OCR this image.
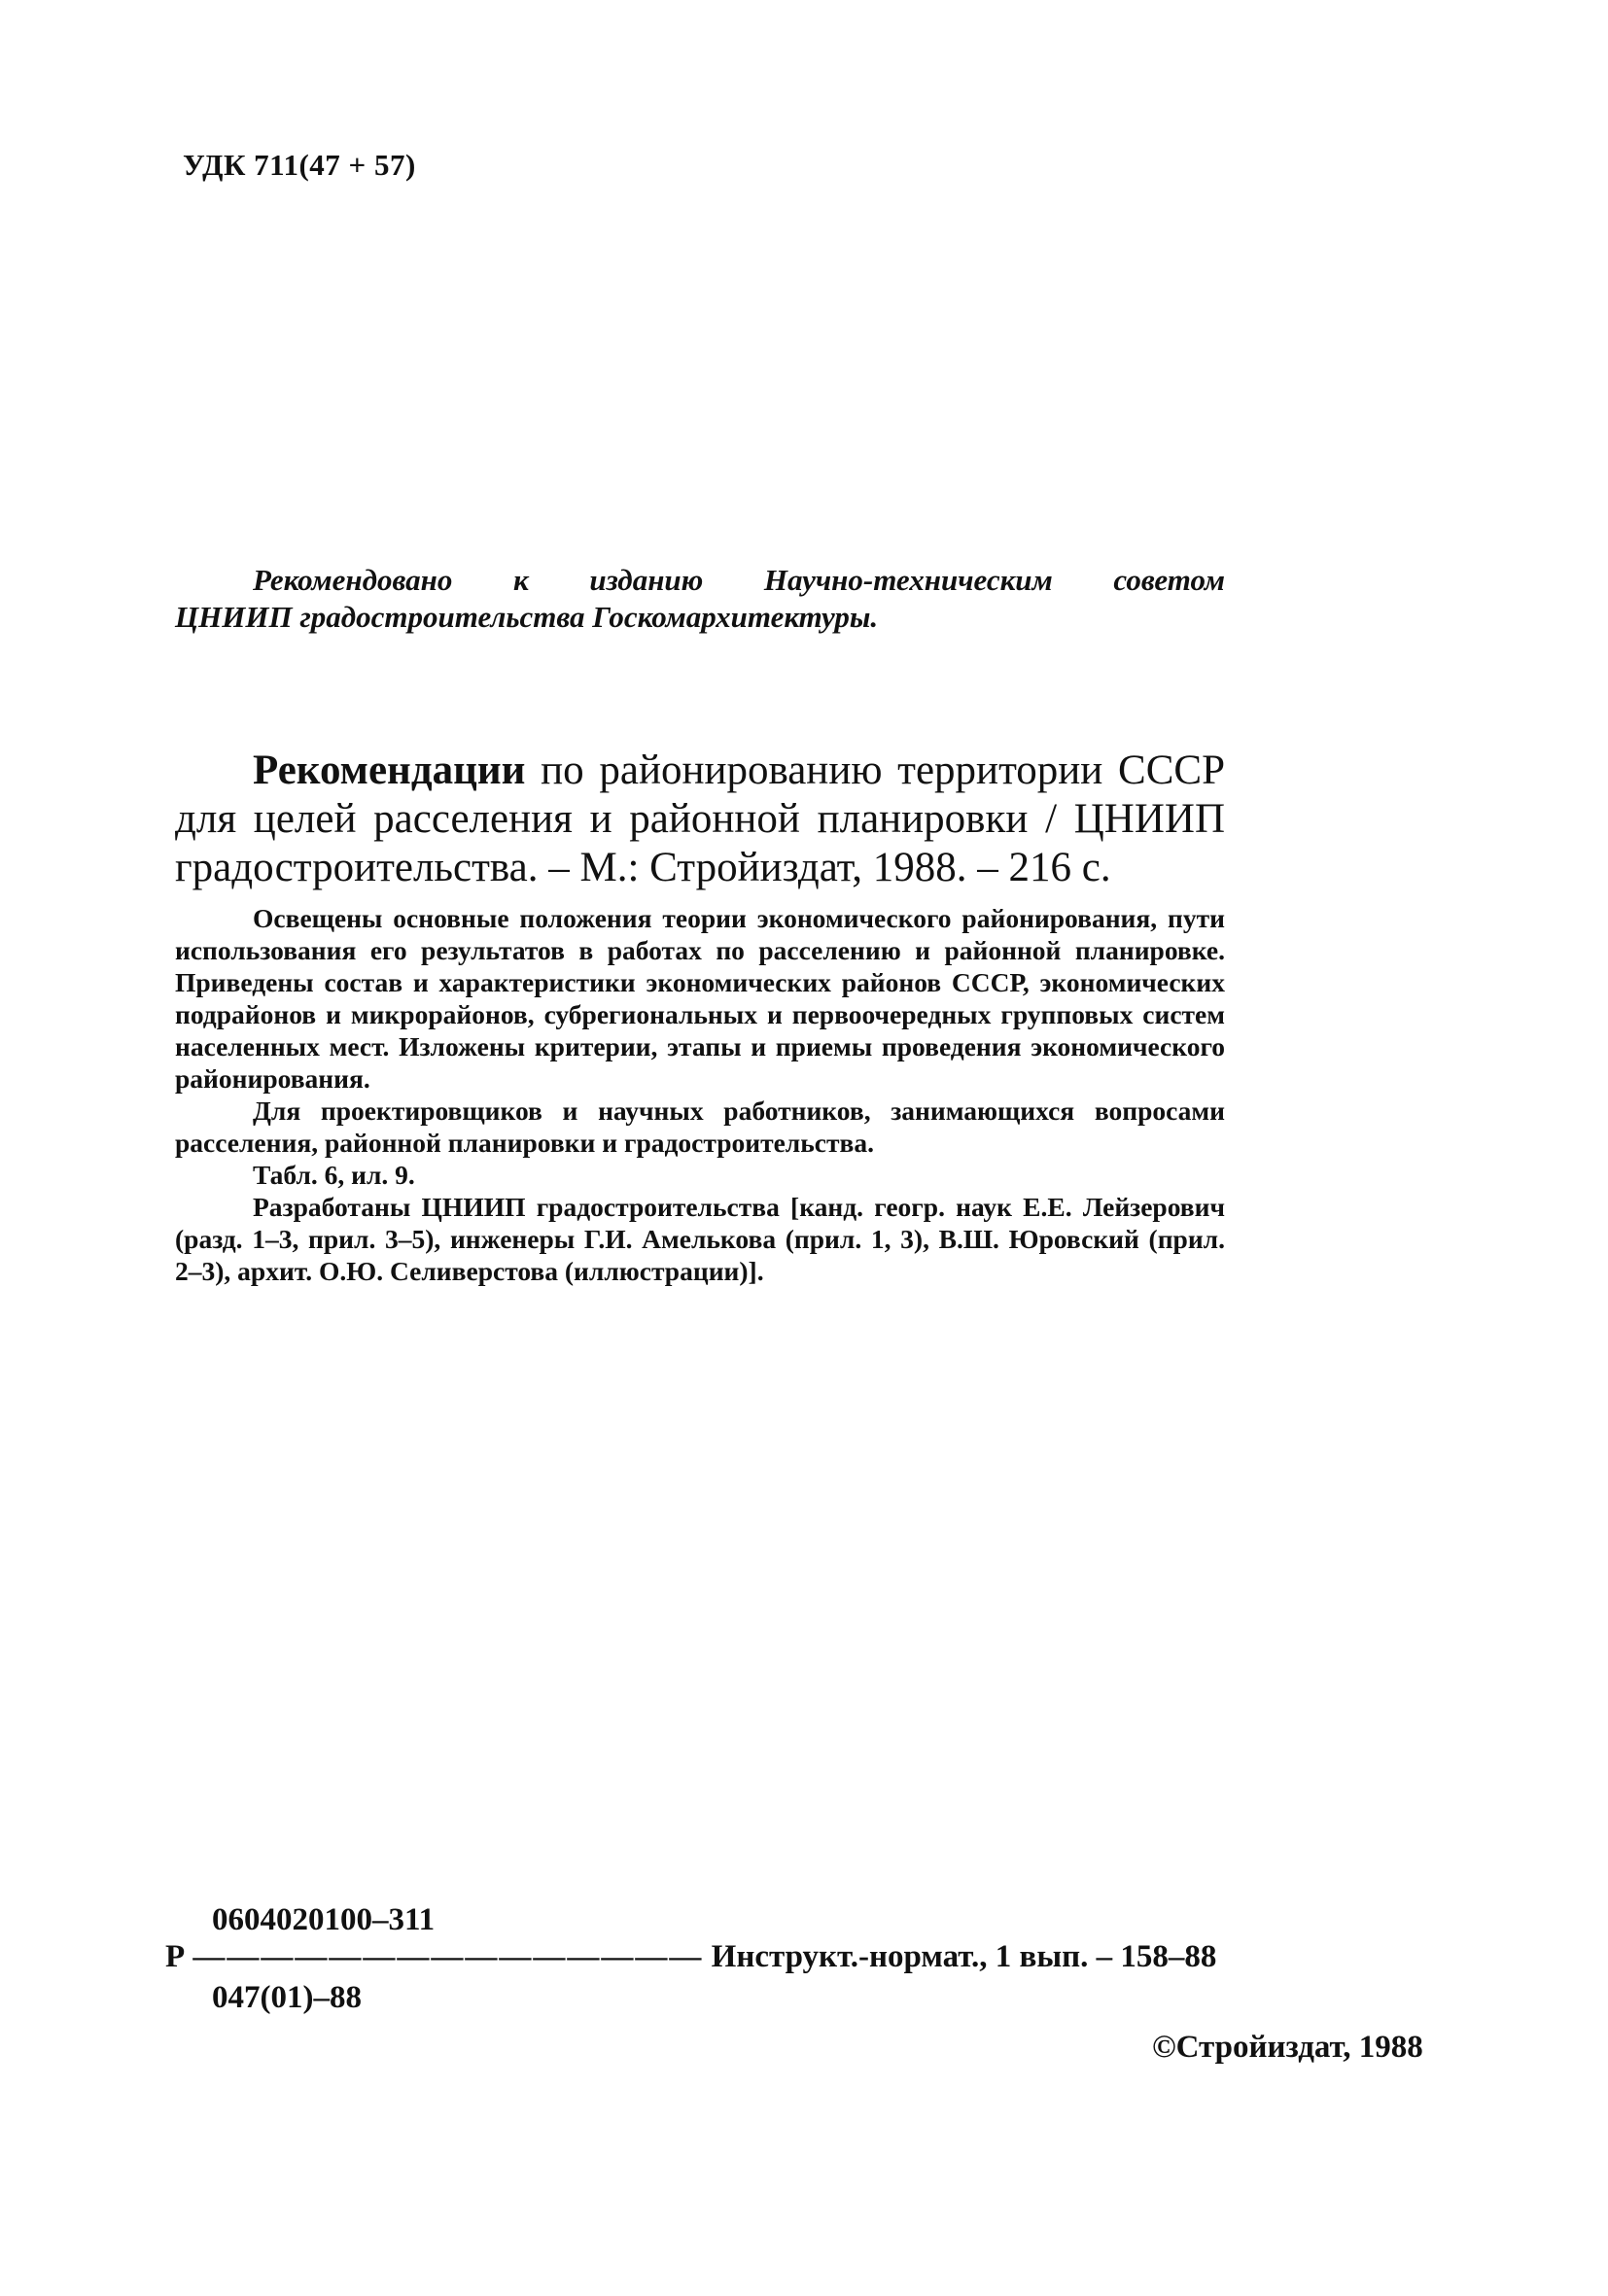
УДК 711(47 + 57)
Рекомендовано к изданию Научно-техническим советом
ЦНИИП градостроительства Госкомархитектуры.
Рекомендации по районированию территории СССР для целей расселения и районной планировки / ЦНИИП градостроительства. – М.: Стройиздат, 1988. – 216 с.

Освещены основные положения теории экономического районирования, пути использования его результатов в работах по расселению и районной планировке. Приведены состав и характеристики экономических районов СССР, экономических подрайонов и микрорайонов, субрегиональных и первоочередных групповых систем населенных мест. Изложены критерии, этапы и приемы проведения экономического районирования.

Для проектировщиков и научных работников, занимающихся вопросами расселения, районной планировки и градостроительства.

Табл. 6, ил. 9.

Разработаны ЦНИИП градостроительства [канд. геогр. наук Е.Е. Лейзерович (разд. 1–3, прил. 3–5), инженеры Г.И. Амелькова (прил. 1, 3), В.Ш. Юровский (прил. 2–3), архит. О.Ю. Селиверстова (иллюстрации)].

0604020100–311
Р ——————————————— Инструкт.-нормат., 1 вып. – 158–88
047(01)–88
©Стройиздат, 1988
